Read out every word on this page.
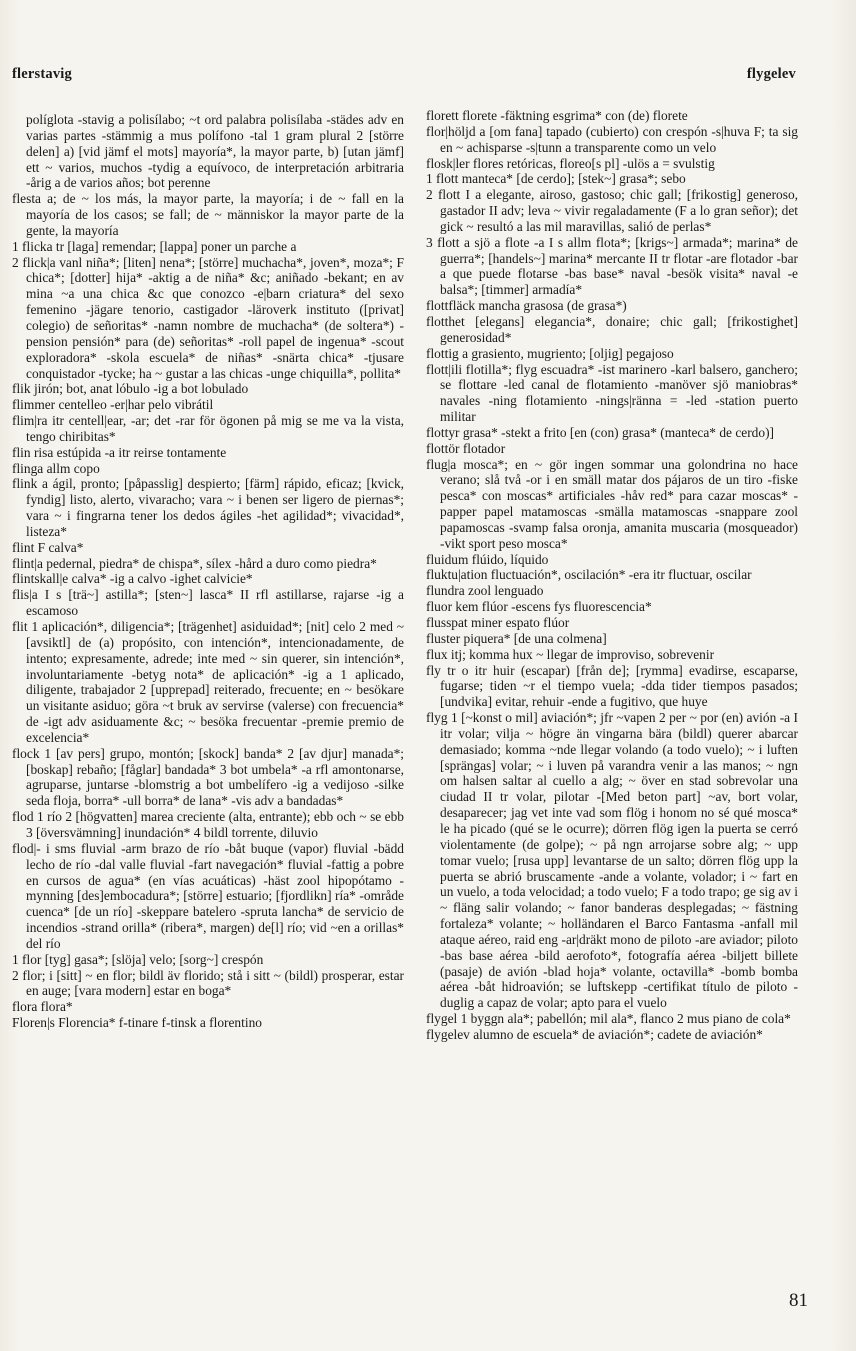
flerstavig	flygelev

políglota -stavig a polisílabo; ~t ord palabra polisílaba -städes adv en varias partes -stämmig a mus polífono -tal 1 gram plural 2 [större delen] a) [vid jämf el mots] mayoría*, la mayor parte, b) [utan jämf] ett ~ varios, muchos -tydig a equívoco, de interpretación arbitraria -årig a de varios años; bot perenne

flesta a; de ~ los más, la mayor parte, la mayoría; i de ~ fall en la mayoría de los casos; se fall; de ~ människor la mayor parte de la gente, la mayoría

1 flicka tr [laga] remendar; [lappa] poner un parche a

2 flick|a vanl niña*; [liten] nena*; [större] muchacha*, joven*, moza*; F chica*; [dotter] hija* -aktig a de niña* &c; aniñado -bekant; en av mina ~a una chica &c que conozco -e|barn criatura* del sexo femenino -jägare tenorio, castigador -läroverk instituto ([privat] colegio) de señoritas* -namn nombre de muchacha* (de soltera*) -pension pensión* para (de) señoritas* -roll papel de ingenua* -scout exploradora* -skola escuela* de niñas* -snärta chica* -tjusare conquistador -tycke; ha ~ gustar a las chicas -unge chiquilla*, pollita*

flik jirón; bot, anat lóbulo -ig a bot lobulado

flimmer centelleo -er|har pelo vibrátil

flim|ra itr centell|ear, -ar; det -rar för ögonen på mig se me va la vista, tengo chiribitas*

flin risa estúpida -a itr reirse tontamente

flinga allm copo

flink a ágil, pronto; [påpasslig] despierto; [färm] rápido, eficaz; [kvick, fyndig] listo, alerto, vivaracho; vara ~ i benen ser ligero de piernas*; vara ~ i fingrarna tener los dedos ágiles -het agilidad*; vivacidad*, listeza*

flint F calva*

flint|a pedernal, piedra* de chispa*, sílex -hård a duro como piedra*

flintskall|e calva* -ig a calvo -ighet calvicie*

flis|a I s [trä~] astilla*; [sten~] lasca* II rfl astillarse, rajarse -ig a escamoso

flit 1 aplicación*, diligencia*; [trägenhet] asiduidad*; [nit] celo 2 med ~ [avsiktl] de (a) propósito, con intención*, intencionadamente, de intento; expresamente, adrede; inte med ~ sin querer, sin intención*, involuntariamente -betyg nota* de aplicación* -ig a 1 aplicado, diligente, trabajador 2 [upprepad] reiterado, frecuente; en ~ besökare un visitante asiduo; göra ~t bruk av servirse (valerse) con frecuencia* de -igt adv asiduamente &c; ~ besöka frecuentar -premie premio de excelencia*

flock 1 [av pers] grupo, montón; [skock] banda* 2 [av djur] manada*; [boskap] rebaño; [fåglar] bandada* 3 bot umbela* -a rfl amontonarse, agruparse, juntarse -blomstrig a bot umbelífero -ig a vedijoso -silke seda floja, borra* -ull borra* de lana* -vis adv a bandadas*

flod 1 río 2 [högvatten] marea creciente (alta, entrante); ebb och ~ se ebb 3 [översvämning] inundación* 4 bildl torrente, diluvio

flod|- i sms fluvial -arm brazo de río -båt buque (vapor) fluvial -bädd lecho de río -dal valle fluvial -fart navegación* fluvial -fattig a pobre en cursos de agua* (en vías acuáticas) -häst zool hipopótamo -mynning [des]embocadura*; [större] estuario; [fjordlikn] ría* -område cuenca* [de un río] -skeppare batelero -spruta lancha* de servicio de incendios -strand orilla* (ribera*, margen) de[l] río; vid ~en a orillas* del río

1 flor [tyg] gasa*; [slöja] velo; [sorg~] crespón

2 flor; i [sitt] ~ en flor; bildl äv florido; stå i sitt ~ (bildl) prosperar, estar en auge; [vara modern] estar en boga*

flora flora*

Floren|s Florencia* f-tinare f-tinsk a florentino

florett florete -fäktning esgrima* con (de) florete

flor|höljd a [om fana] tapado (cubierto) con crespón -s|huva F; ta sig en ~ achisparse -s|tunn a transparente como un velo

flosk|ler flores retóricas, floreo[s pl] -ulös a = svulstig

1 flott manteca* [de cerdo]; [stek~] grasa*; sebo

2 flott I a elegante, airoso, gastoso; chic gall; [frikostig] generoso, gastador II adv; leva ~ vivir regaladamente (F a lo gran señor); det gick ~ resultó a las mil maravillas, salió de perlas*

3 flott a sjö a flote -a I s allm flota*; [krigs~] armada*; marina* de guerra*; [handels~] marina* mercante II tr flotar -are flotador -bar a que puede flotarse -bas base* naval -besök visita* naval -e balsa*; [timmer] armadía*

flottfläck mancha grasosa (de grasa*)

flotthet [elegans] elegancia*, donaire; chic gall; [frikostighet] generosidad*

flottig a grasiento, mugriento; [oljig] pegajoso

flott|ili flotilla*; flyg escuadra* -ist marinero -karl balsero, ganchero; se flottare -led canal de flotamiento -manöver sjö maniobras* navales -ning flotamiento -nings|ränna = -led -station puerto militar

flottyr grasa* -stekt a frito [en (con) grasa* (manteca* de cerdo)]

flottör flotador

flug|a mosca*; en ~ gör ingen sommar una golondrina no hace verano; slå två -or i en smäll matar dos pájaros de un tiro -fiske pesca* con moscas* artificiales -håv red* para cazar moscas* -papper papel matamoscas -smälla matamoscas -snappare zool papamoscas -svamp falsa oronja, amanita muscaria (mosqueador) -vikt sport peso mosca*

fluidum flúido, líquido

fluktu|ation fluctuación*, oscilación* -era itr fluctuar, oscilar

flundra zool lenguado

fluor kem flúor -escens fys fluorescencia*

flusspat miner espato flúor

fluster piquera* [de una colmena]

flux itj; komma hux ~ llegar de improviso, sobrevenir

fly tr o itr huir (escapar) [från de]; [rymma] evadirse, escaparse, fugarse; tiden ~r el tiempo vuela; -dda tider tiempos pasados; [undvika] evitar, rehuir -ende a fugitivo, que huye

flyg 1 [~konst o mil] aviación*; jfr ~vapen 2 per ~ por (en) avión -a I itr volar; vilja ~ högre än vingarna bära (bildl) querer abarcar demasiado; komma ~nde llegar volando (a todo vuelo); ~ i luften [sprängas] volar; ~ i luven på varandra venir a las manos; ~ ngn om halsen saltar al cuello a alg; ~ över en stad sobrevolar una ciudad II tr volar, pilotar -[Med beton part] ~av, bort volar, desaparecer; jag vet inte vad som flög i honom no sé qué mosca* le ha picado (qué se le ocurre); dörren flög igen la puerta se cerró violentamente (de golpe); ~ på ngn arrojarse sobre alg; ~ upp tomar vuelo; [rusa upp] levantarse de un salto; dörren flög upp la puerta se abrió bruscamente -ande a volante, volador; i ~ fart en un vuelo, a toda velocidad; a todo vuelo; F a todo trapo; ge sig av i ~ fläng salir volando; ~ fanor banderas desplegadas; ~ fästning fortaleza* volante; ~ holländaren el Barco Fantasma -anfall mil ataque aéreo, raid eng -ar|dräkt mono de piloto -are aviador; piloto -bas base aérea -bild aerofoto*, fotografía aérea -biljett billete (pasaje) de avión -blad hoja* volante, octavilla* -bomb bomba aérea -båt hidroavión; se luftskepp -certifikat título de piloto -duglig a capaz de volar; apto para el vuelo

flygel 1 byggn ala*; pabellón; mil ala*, flanco 2 mus piano de cola*

flygelev alumno de escuela* de aviación*; cadete de aviación*

81
